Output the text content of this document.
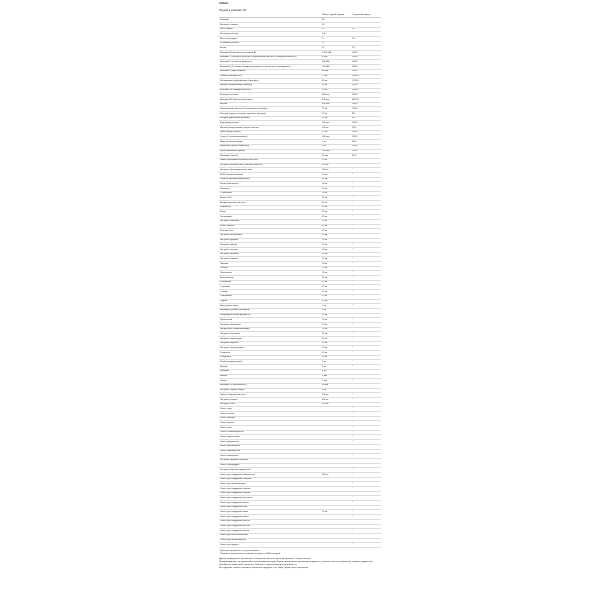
Athletic
Порций в упаковке: 30
	Пища в одной порции	% дневной нормы
Калорий	80	
Калорий с жиром	10	
Всего жиров	1г	2%
Насыщенный жир	0.5 г	
Всего углеводов	1г	1%
Сахарной кислоты	1г	
Белки	17	7%
Витамин A (пальмитат витамина А)	3 000 МЕ	100%
Витамин C (аскорбат кальция, аскорбиновая кислота, аскорбилпальмитат)	90 мг	150%
Витамин D (холекальциферол)	400 МЕ	100%
Витамин E (D-альфа-токоферилсукцинат и смешанные токоферолы)	100 МЕ	333%
Витамин K (фитонадион)	80 мкг	100%
Тиамин (витамин B1)	75 мг	5000%
Рибофлавин (рибофлавин-5-фосфат)	30 мг	1765%
Ниацин (ниацинамид и ниацин)	50 мг	250%
Витамин B6 (пиридоксина HCl)	30 мг	1500%
Фолиевая кислота	800 мкг	200%
Витамин B12 (метилкобаламин)	400 мкг	6667%
Биотин	300 мкг	100%
Пантотеновая кислота (D-пантотенат кальция)	75 мг	750%
Кальций (цитрат кальция, карбонат кальция)	75 мг	8%
Фосфор (дикальций фосфат)	25 мг	3%
Йод (йодид калия)	150 мкг	100%
Магний (оксид магния, цитрат магния)	100 мг	25%
Цинк (цитрат цинка)	15 мг	100%
Селен (L-селенометионин)	100 мкг	143%
Медь (глюконат меди)	1 мг	50%
Марганец (цитрат марганца)	4 мг	200%
Хром (пиколинат хрома)	150 мкг	125%
Молибден (хелат)	50 мкг	67%
PABA (парааминобензойная кислота)	10 мг	*
Экстракт зеленого чая (Camellia Sinensis)	100 мг	*
Экстракт виноградных косточек	100 мг	*
NCN (ниацин клиника)	50 мг	*
Лецитин (фосфатидилхолин)	50 мг	*
Холин (битартрат)	50 мг	*
Инозитол	50 мг	*
L-глютамин	50 мг	*
Бетаин HCl	25 мг	*
Альфа-липоевая кислота	25 мг	*
Кверцетин	25 мг	*
Рутин	25 мг	*
Гесперидин	25 мг	*
Экстракт эхинацеи	25 мг	*
Гинкго билоба	25 мг	*
Коэнзим Q10	25 мг	*
Экстракт расторопши	20 мг	*
Экстракт куркумы	20 мг	*
Экстракт имбиря	20 мг	*
Экстракт чеснока	20 мг	*
Экстракт брокколи	20 мг	*
Экстракт черники	20 мг	*
Ликопин	20 мг	*
Лютеин	20 мг	*
Зеаксантин	20 мг	*
Бета-каротин	20 мг	*
L-карнитин	15 мг	*
L-аргинин	15 мг	*
L-лизин	15 мг	*
L-метионин	15 мг	*
Таурин	15 мг	*
Бор (цитрат бора)	1 мг	*
Ванадий (сульфат ванадила)	1 мг	*
Пищеварительные ферменты	10 мг	*
Пробиотики	10 мг	*
Экстракт шиповника	10 мг	*
Цитрусовые биофлавоноиды	10 мг	*
Экстракт женьшеня	10 мг	*
Экстракт ашвагандхи	10 мг	*
Экстракт родиолы	10 мг	*
Экстракт элеутерококка	10 мг	*
Хлорелла	10 мг	*
Спирулина	10 мг	*
Калий (хлорид калия)	5 мг	*
Натрий	5 мг	*
Кремний	5 мг	*
Никель	5 мкг	*
Олово	5 мкг	*
Витамин K2 (менахинон-7)	50 мкг	*
Экстракт черного перца	5 мг	*
Омега-3 жирные кислоты	100 мг	*
Экстракт граната	400 мг	*
Экстракт асаи	500 мг	*
Смесь ягод		*
Смесь зелени		*
Смесь овощей		*
Смесь грибов		*
Смесь трав		*
Смесь антиоксидантов		*
Смесь адаптогенов		*
Смесь ферментов		*
Смесь пробиотиков		*
Смесь аминокислот		*
Смесь минералов		*
Экстракт пищевых волокон		*
Смесь суперфудов		*
Экстракт морских водорослей		*
Смесь для поддержки иммунитета	500 мг	*
Смесь для поддержки энергии		*
Смесь для детоксикации		*
Смесь для поддержки печени		*
Смесь для поддержки сердца		*
Смесь для поддержки суставов		*
Смесь для поддержки мозга		*
Смесь для поддержки глаз		*
Смесь для поддержки кожи	75 мг	*
Смесь для поддержки волос		*
Смесь для поддержки ногтей		*
Смесь для поддержки костей		*
Смесь для поддержки мышц		*
Смесь для восстановления		*
Смесь для выносливости		*
Смесь для фокуса		*

* Дневная потребность не установлена.

** Дневные потребности основаны на диете в 2000 калорий.

Другие ингредиенты: целлюлоза, стеариновая кислота, диоксид кремния, стеарат магния.

Предупреждение: не превышайте рекомендуемую дозу. Перед применением проконсультируйтесь с врачом, если вы беременны, кормите грудью или принимаете какие-либо лекарства. Хранить в недоступном для детей месте.

Не содержит: глютен, пшеница, молочные продукты, соя, яйца, орехи, рыба, моллюски.
